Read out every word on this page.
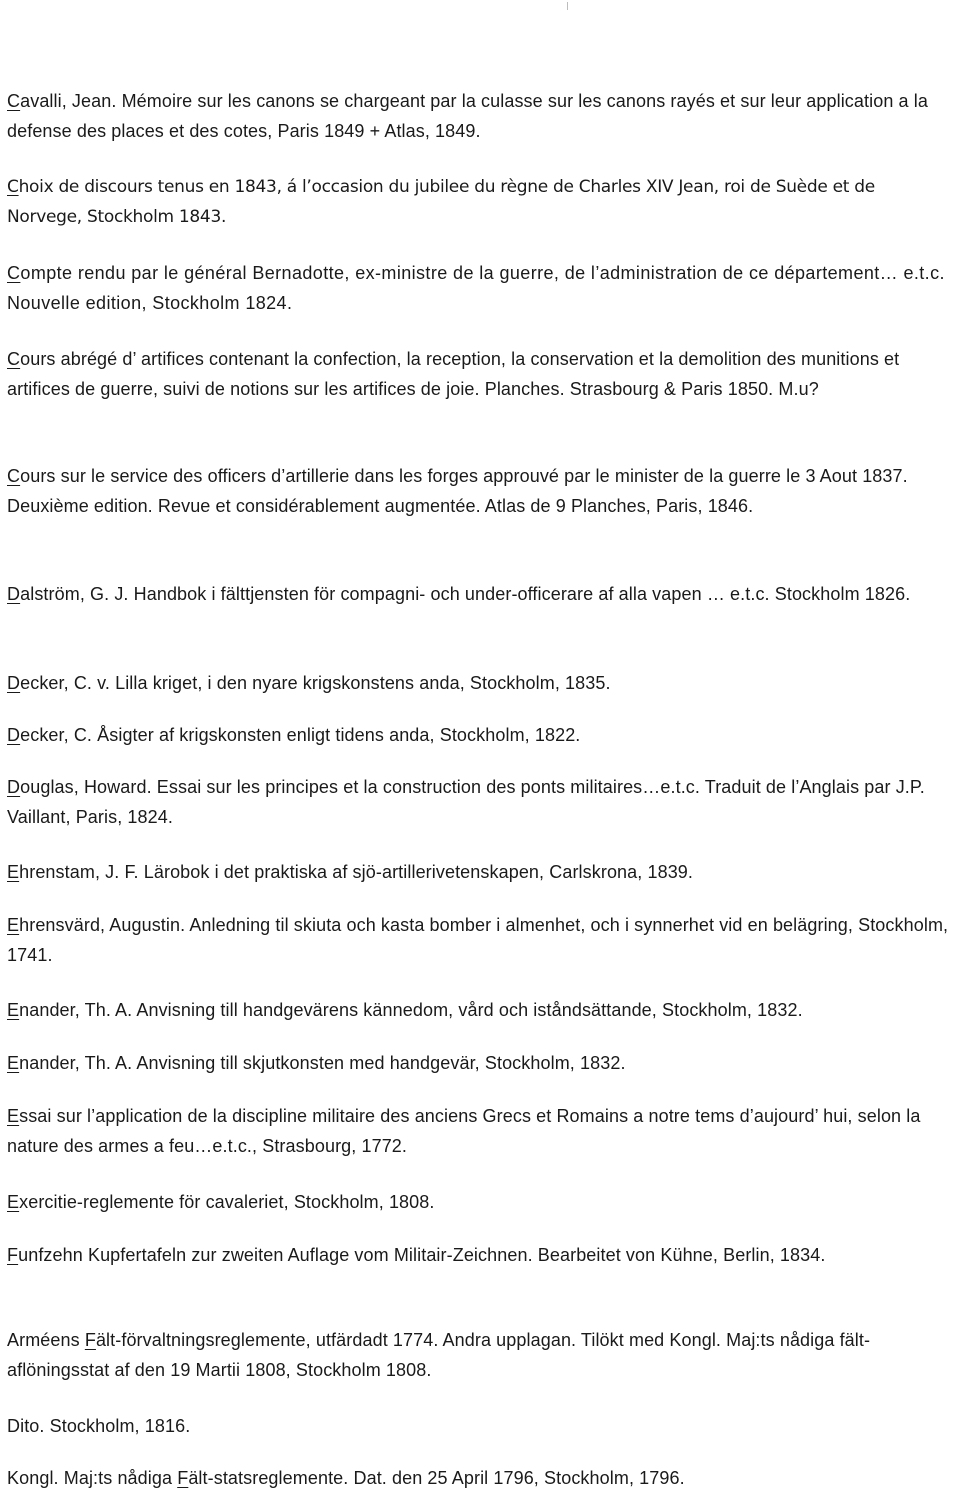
Cavalli, Jean. Mémoire sur les canons se chargeant par la culasse sur les canons rayés et sur leur application a la defense des places et des cotes, Paris 1849 + Atlas, 1849.

Choix de discours tenus en 1843, á l’occasion du jubilee du règne de Charles XIV Jean, roi de Suède et de Norvege, Stockholm 1843.

Compte rendu par le général Bernadotte, ex-ministre de la guerre, de l’administration de ce département… e.t.c. Nouvelle edition, Stockholm 1824.

Cours abrégé d’ artifices contenant la confection, la reception, la conservation et la demolition des munitions et artifices de guerre, suivi de notions sur les artifices de joie. Planches. Strasbourg & Paris 1850. M.u?

Cours sur le service des officers d’artillerie dans les forges approuvé par le minister de la guerre le 3 Aout 1837. Deuxième edition. Revue et considérablement augmentée. Atlas de 9 Planches, Paris, 1846.

Dalström, G. J. Handbok i fälttjensten för compagni- och under-officerare af alla vapen … e.t.c. Stockholm 1826.

Decker, C. v. Lilla kriget, i den nyare krigskonstens anda, Stockholm, 1835.

Decker, C. Åsigter af krigskonsten enligt tidens anda, Stockholm, 1822.

Douglas, Howard. Essai sur les principes et la construction des ponts militaires…e.t.c. Traduit de l’Anglais par J.P. Vaillant, Paris, 1824.

Ehrenstam, J. F. Lärobok i det praktiska af sjö-artillerivetenskapen, Carlskrona, 1839.

Ehrensvärd, Augustin. Anledning til skiuta och kasta bomber i almenhet, och i synnerhet vid en belägring, Stockholm, 1741.

Enander, Th. A. Anvisning till handgevärens kännedom, vård och iståndsättande, Stockholm, 1832.

Enander, Th. A. Anvisning till skjutkonsten med handgevär, Stockholm, 1832.

Essai sur l’application de la discipline militaire des anciens Grecs et Romains a notre tems d’aujourd’ hui, selon la nature des armes a feu…e.t.c., Strasbourg, 1772.

Exercitie-reglemente för cavaleriet, Stockholm, 1808.

Funfzehn Kupfertafeln zur zweiten Auflage vom Militair-Zeichnen. Bearbeitet von Kühne, Berlin, 1834.

Arméens Fält-förvaltningsreglemente, utfärdadt 1774. Andra upplagan. Tilökt med Kongl. Maj:ts nådiga fält-aflöningsstat af den 19 Martii 1808, Stockholm 1808.

Dito. Stockholm, 1816.

Kongl. Maj:ts nådiga Fält-statsreglemente. Dat. den 25 April 1796, Stockholm, 1796.
